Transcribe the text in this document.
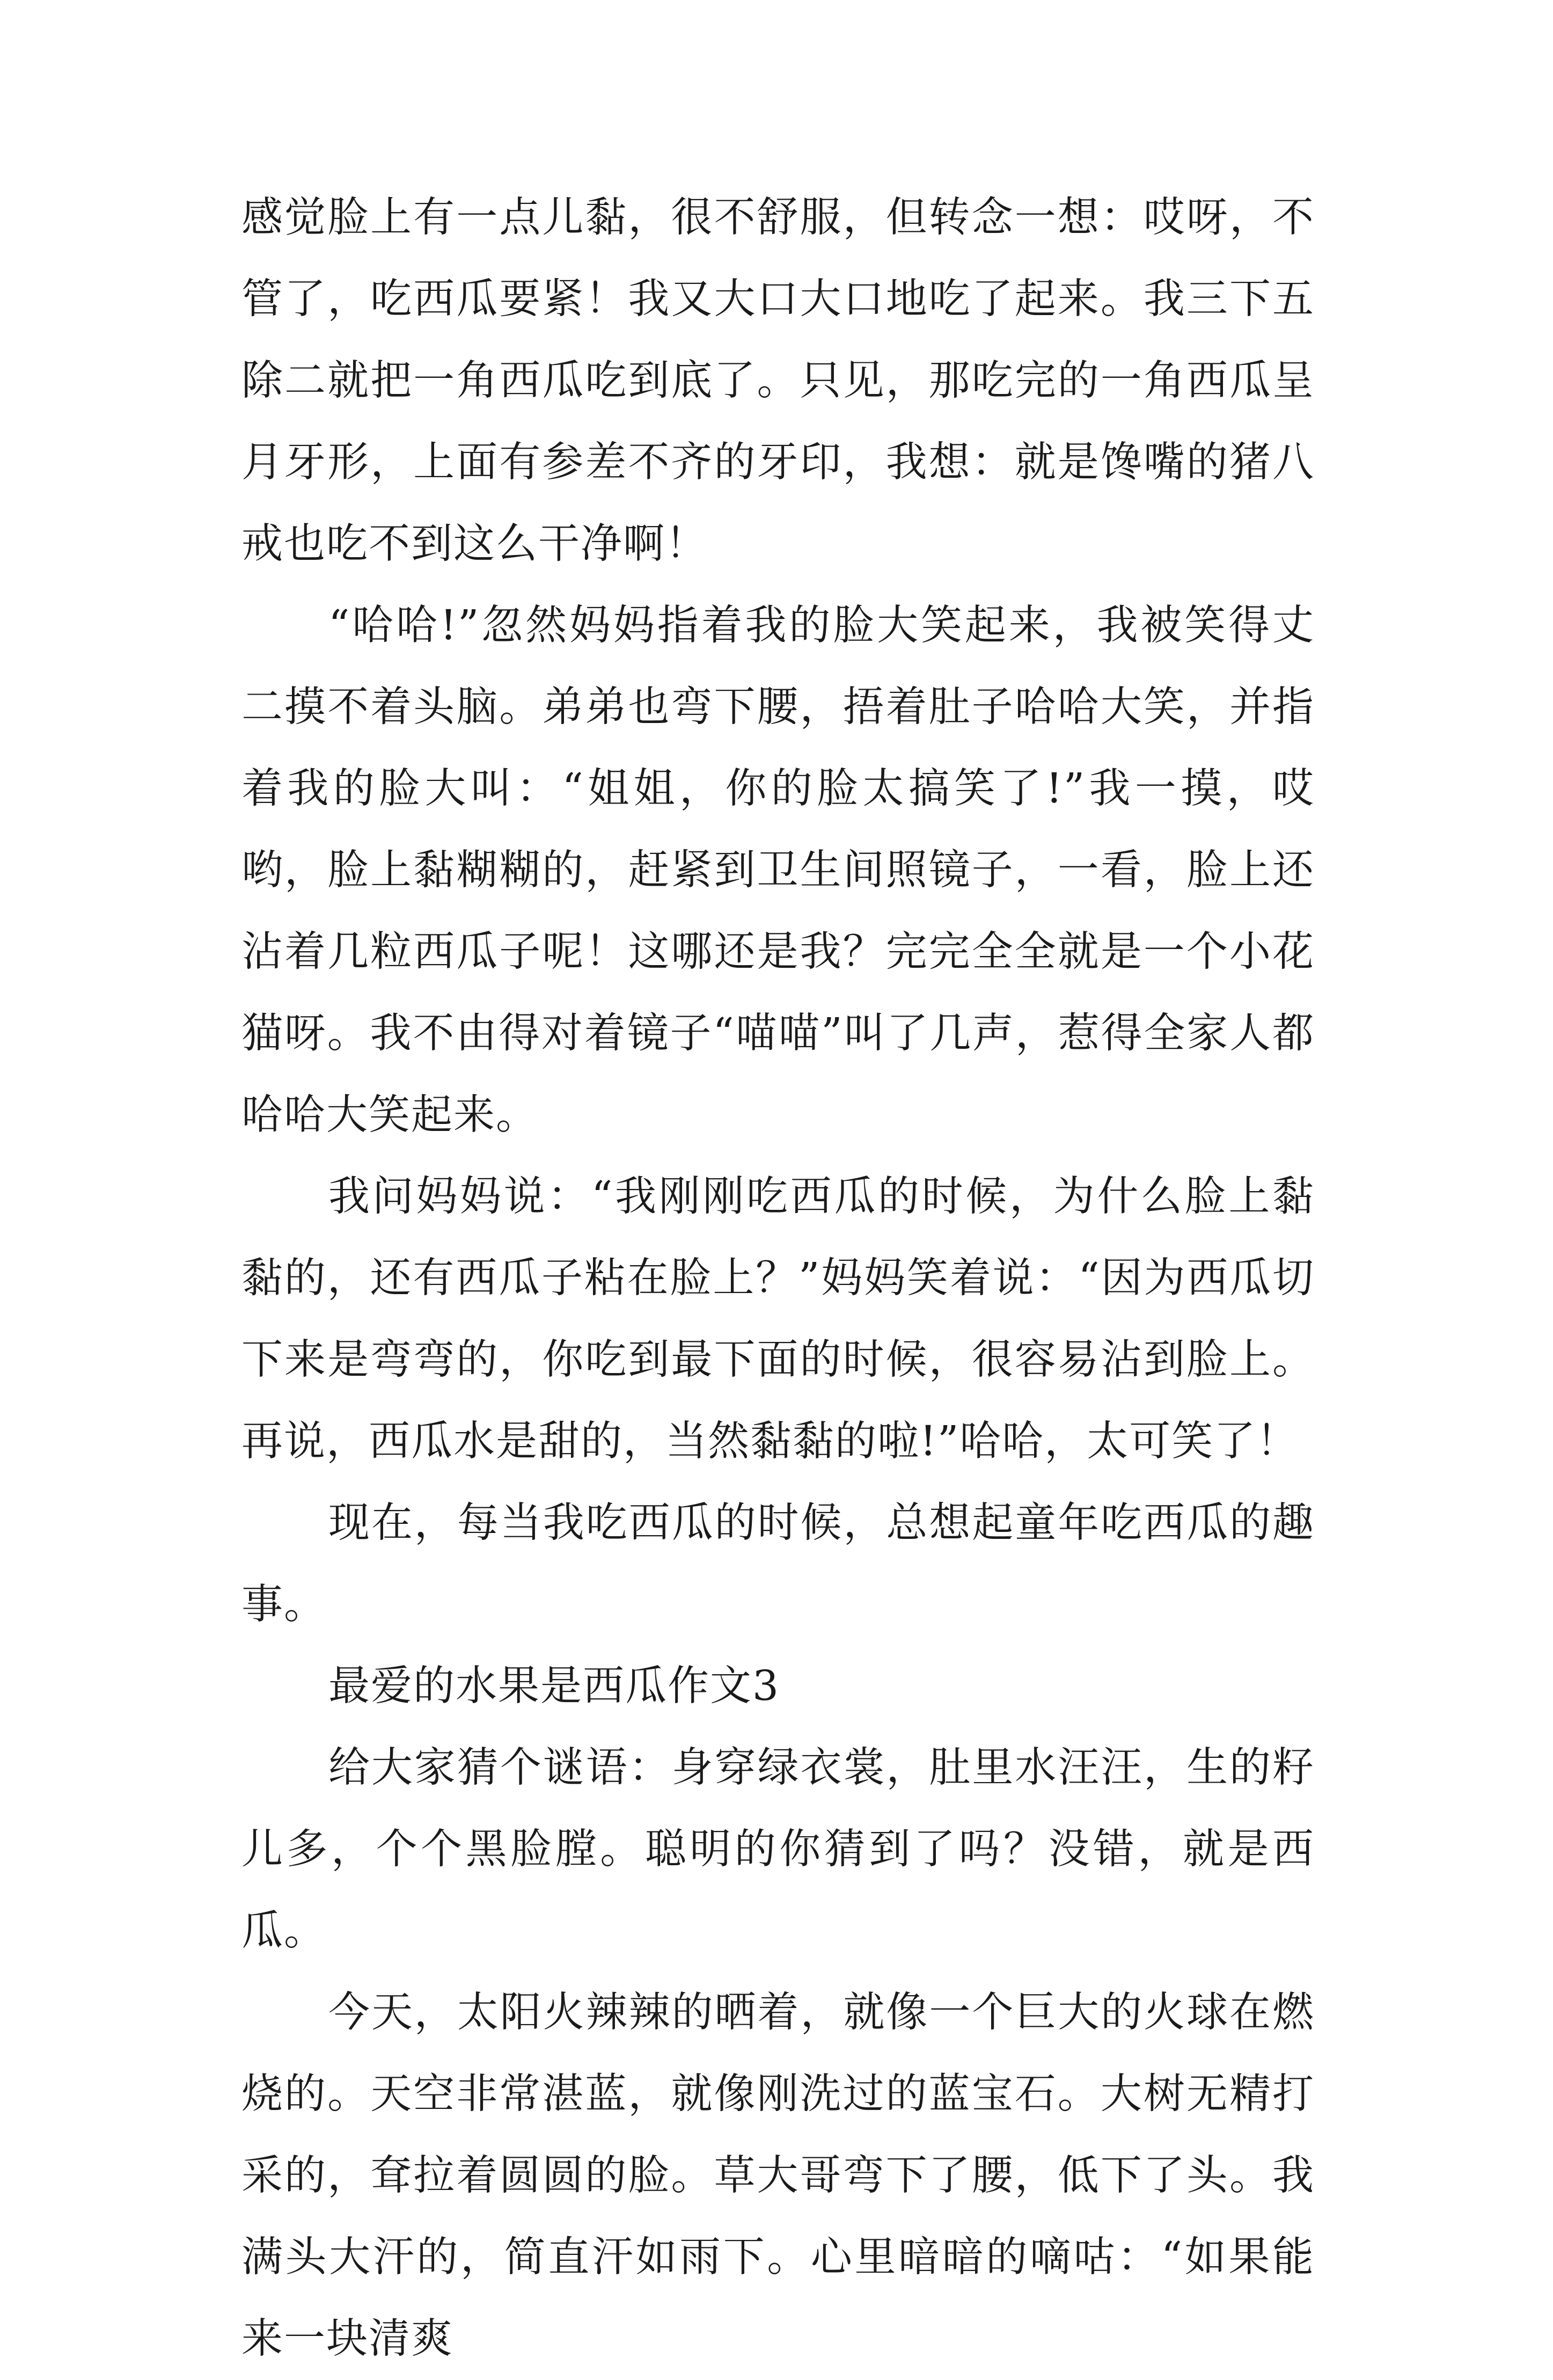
感觉脸上有一点儿黏，很不舒服，但转念一想：哎呀，不管了，吃西瓜要紧！我又大口大口地吃了起来。我三下五除二就把一角西瓜吃到底了。只见，那吃完的一角西瓜呈月牙形，上面有参差不齐的牙印，我想：就是馋嘴的猪八戒也吃不到这么干净啊！

“哈哈!”忽然妈妈指着我的脸大笑起来，我被笑得丈二摸不着头脑。弟弟也弯下腰，捂着肚子哈哈大笑，并指着我的脸大叫：“姐姐，你的脸太搞笑了!”我一摸，哎哟，脸上黏糊糊的，赶紧到卫生间照镜子，一看，脸上还沾着几粒西瓜子呢！这哪还是我？完完全全就是一个小花猫呀。我不由得对着镜子“喵喵”叫了几声，惹得全家人都哈哈大笑起来。

我问妈妈说：“我刚刚吃西瓜的时候，为什么脸上黏黏的，还有西瓜子粘在脸上？”妈妈笑着说：“因为西瓜切下来是弯弯的，你吃到最下面的时候，很容易沾到脸上。再说，西瓜水是甜的，当然黏黏的啦!”哈哈，太可笑了！

现在，每当我吃西瓜的时候，总想起童年吃西瓜的趣事。

最爱的水果是西瓜作文3

给大家猜个谜语：身穿绿衣裳，肚里水汪汪，生的籽儿多，个个黑脸膛。聪明的你猜到了吗？没错，就是西瓜。

今天，太阳火辣辣的晒着，就像一个巨大的火球在燃烧的。天空非常湛蓝，就像刚洗过的蓝宝石。大树无精打采的，耷拉着圆圆的脸。草大哥弯下了腰，低下了头。我满头大汗的，简直汗如雨下。心里暗暗的嘀咕：“如果能来一块清爽
